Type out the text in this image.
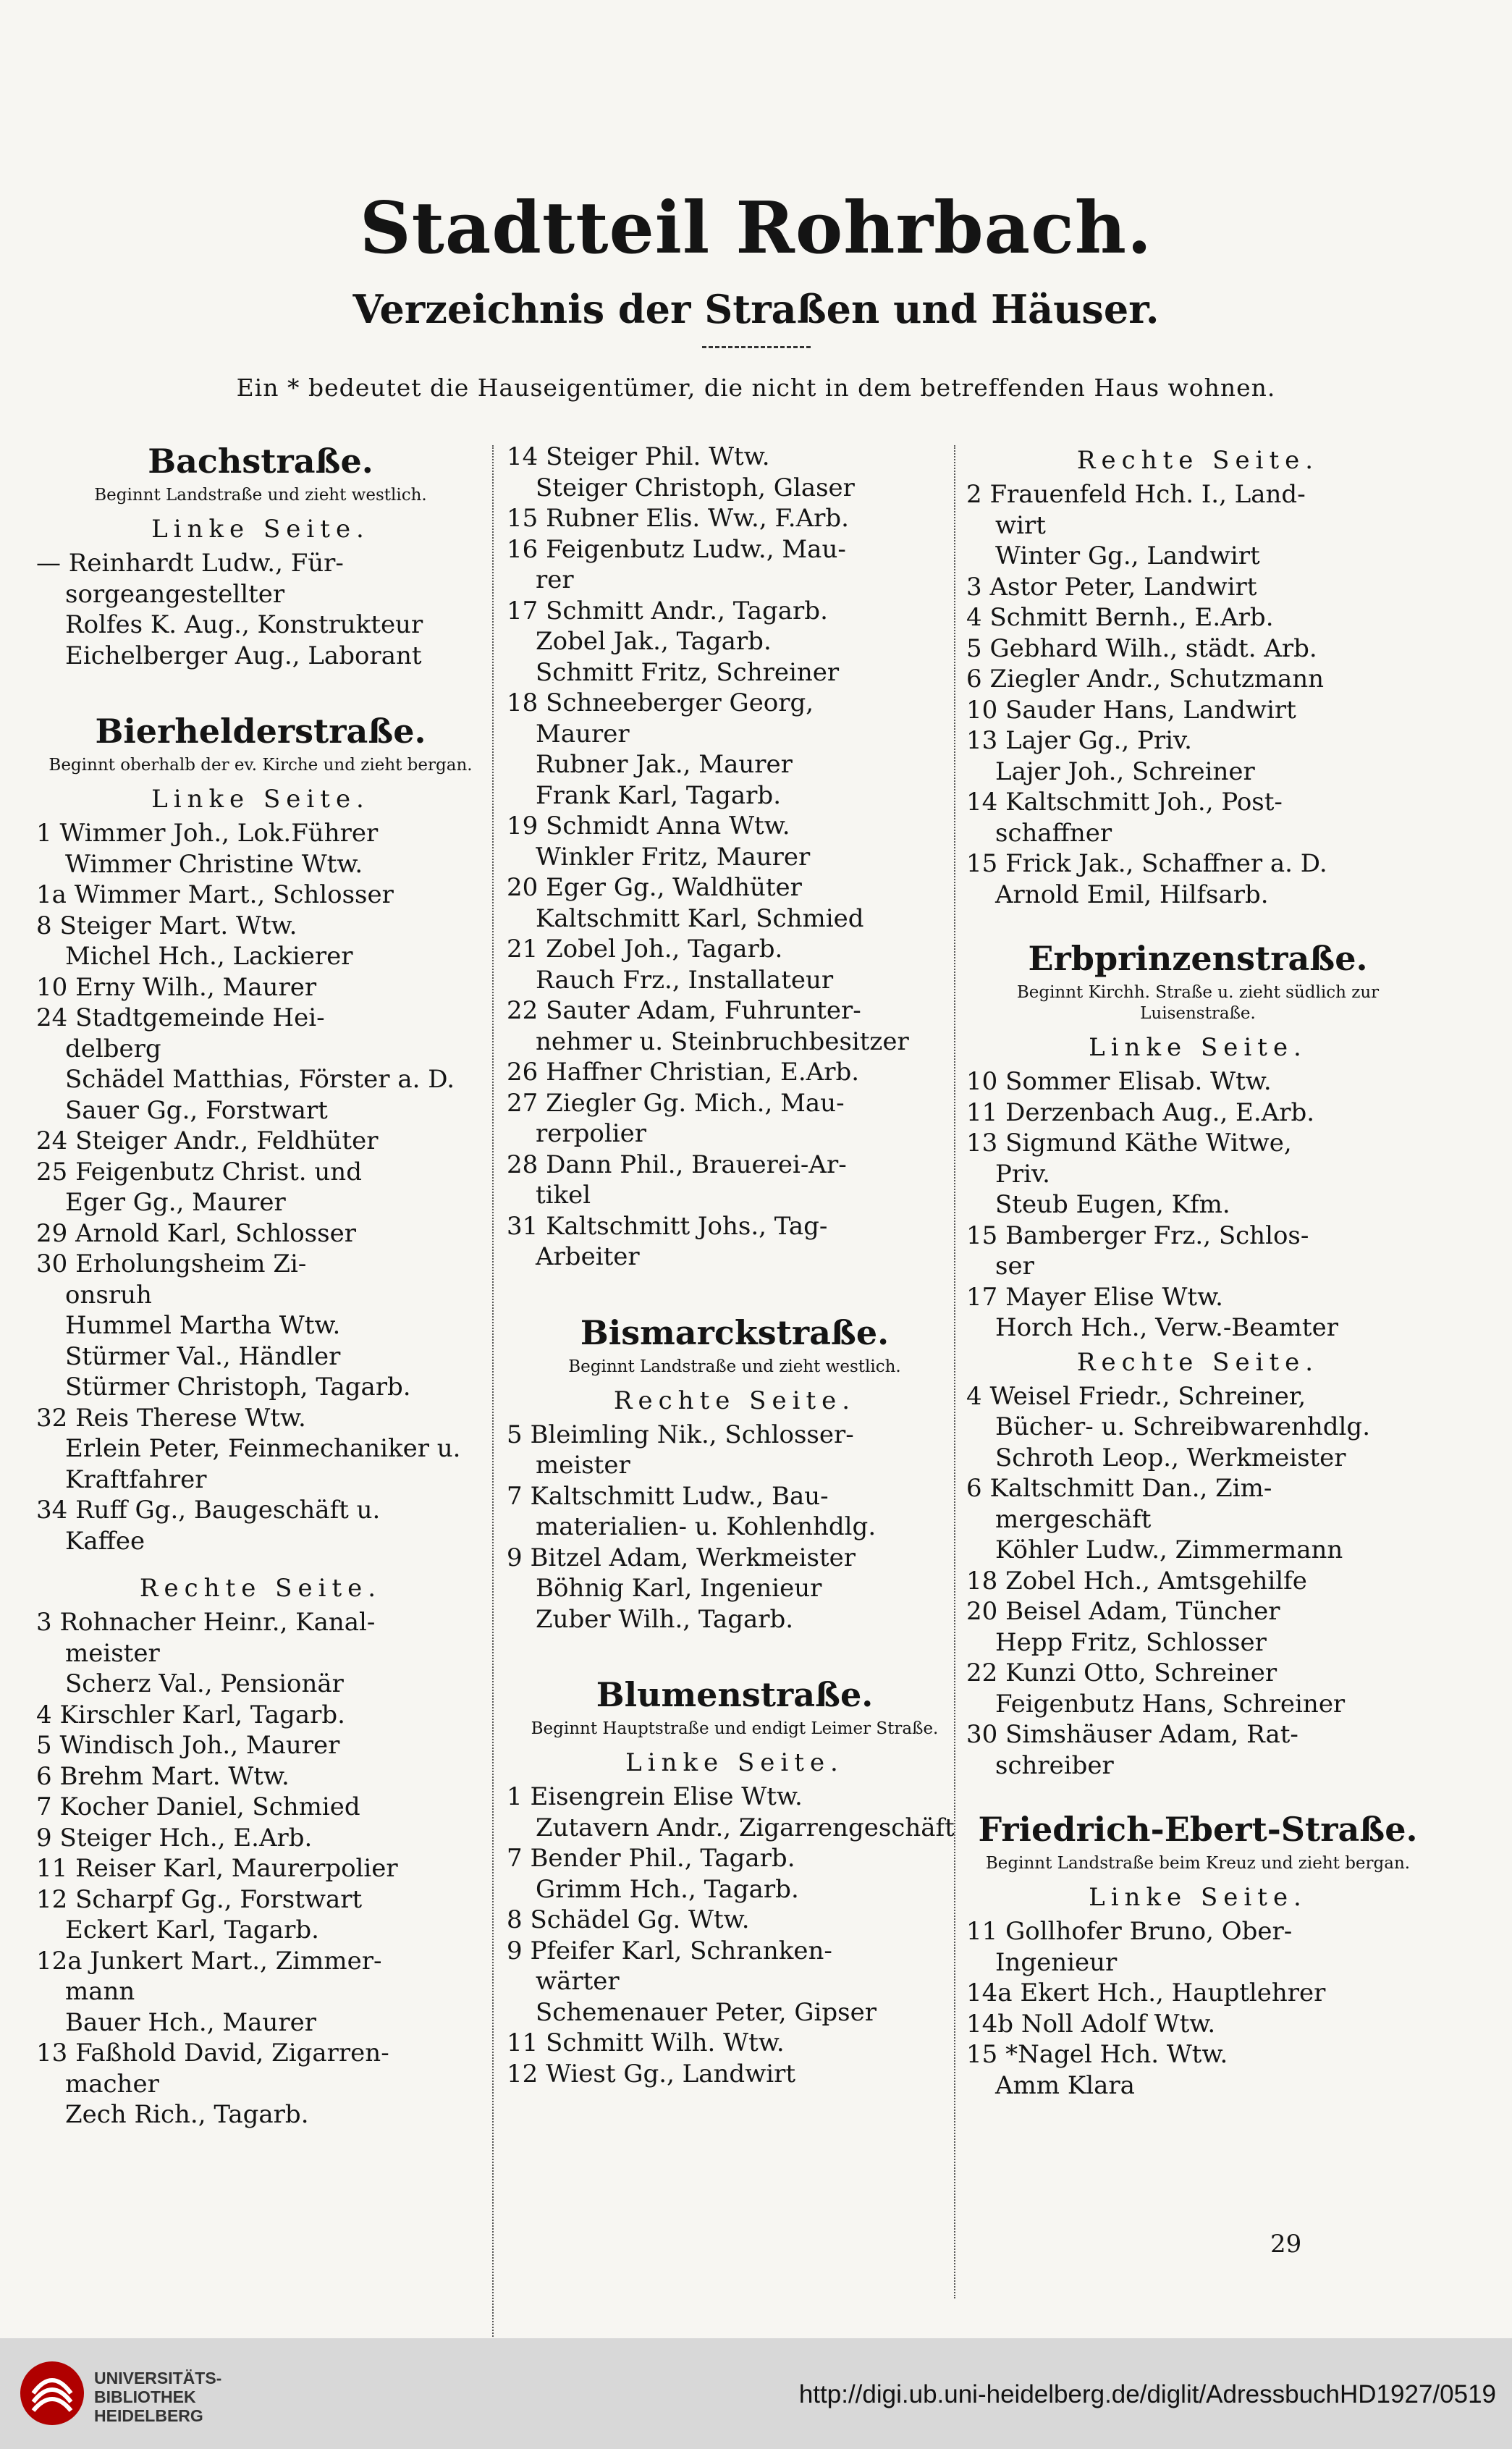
Stadtteil Rohrbach.
Verzeichnis der Straßen und Häuser.

Ein * bedeutet die Hauseigentümer, die nicht in dem betreffenden Haus wohnen.

Bachstraße.
Beginnt Landstraße und zieht westlich.
Linke Seite.
— Reinhardt Ludw., Für-
sorgeangestellter
Rolfes K. Aug., Konstrukteur
Eichelberger Aug., Laborant
Bierhelderstraße.
Beginnt oberhalb der ev. Kirche und zieht bergan.
Linke Seite.
1 Wimmer Joh., Lok.Führer
Wimmer Christine Wtw.
1a Wimmer Mart., Schlosser
8 Steiger Mart. Wtw.
Michel Hch., Lackierer
10 Erny Wilh., Maurer
24 Stadtgemeinde Hei-
delberg
Schädel Matthias, Förster a. D.
Sauer Gg., Forstwart
24 Steiger Andr., Feldhüter
25 Feigenbutz Christ. und
Eger Gg., Maurer
29 Arnold Karl, Schlosser
30 Erholungsheim Zi-
onsruh
Hummel Martha Wtw.
Stürmer Val., Händler
Stürmer Christoph, Tagarb.
32 Reis Therese Wtw.
Erlein Peter, Feinmechaniker u.
Kraftfahrer
34 Ruff Gg., Baugeschäft u.
Kaffee
Rechte Seite.
3 Rohnacher Heinr., Kanal-
meister
Scherz Val., Pensionär
4 Kirschler Karl, Tagarb.
5 Windisch Joh., Maurer
6 Brehm Mart. Wtw.
7 Kocher Daniel, Schmied
9 Steiger Hch., E.Arb.
11 Reiser Karl, Maurerpolier
12 Scharpf Gg., Forstwart
Eckert Karl, Tagarb.
12a Junkert Mart., Zimmer-
mann
Bauer Hch., Maurer
13 Faßhold David, Zigarren-
macher
Zech Rich., Tagarb.
14 Steiger Phil. Wtw.
Steiger Christoph, Glaser
15 Rubner Elis. Ww., F.Arb.
16 Feigenbutz Ludw., Mau-
rer
17 Schmitt Andr., Tagarb.
Zobel Jak., Tagarb.
Schmitt Fritz, Schreiner
18 Schneeberger Georg,
Maurer
Rubner Jak., Maurer
Frank Karl, Tagarb.
19 Schmidt Anna Wtw.
Winkler Fritz, Maurer
20 Eger Gg., Waldhüter
Kaltschmitt Karl, Schmied
21 Zobel Joh., Tagarb.
Rauch Frz., Installateur
22 Sauter Adam, Fuhrunter-
nehmer u. Steinbruchbesitzer
26 Haffner Christian, E.Arb.
27 Ziegler Gg. Mich., Mau-
rerpolier
28 Dann Phil., Brauerei-Ar-
tikel
31 Kaltschmitt Johs., Tag-
Arbeiter
Bismarckstraße.
Beginnt Landstraße und zieht westlich.
Rechte Seite.
5 Bleimling Nik., Schlosser-
meister
7 Kaltschmitt Ludw., Bau-
materialien- u. Kohlenhdlg.
9 Bitzel Adam, Werkmeister
Böhnig Karl, Ingenieur
Zuber Wilh., Tagarb.
Blumenstraße.
Beginnt Hauptstraße und endigt Leimer Straße.
Linke Seite.
1 Eisengrein Elise Wtw.
Zutavern Andr., Zigarrengeschäft
7 Bender Phil., Tagarb.
Grimm Hch., Tagarb.
8 Schädel Gg. Wtw.
9 Pfeifer Karl, Schranken-
wärter
Schemenauer Peter, Gipser
11 Schmitt Wilh. Wtw.
12 Wiest Gg., Landwirt
Rechte Seite.
2 Frauenfeld Hch. I., Land-
wirt
Winter Gg., Landwirt
3 Astor Peter, Landwirt
4 Schmitt Bernh., E.Arb.
5 Gebhard Wilh., städt. Arb.
6 Ziegler Andr., Schutzmann
10 Sauder Hans, Landwirt
13 Lajer Gg., Priv.
Lajer Joh., Schreiner
14 Kaltschmitt Joh., Post-
schaffner
15 Frick Jak., Schaffner a. D.
Arnold Emil, Hilfsarb.
Erbprinzenstraße.
Beginnt Kirchh. Straße u. zieht südlich zur Luisenstraße.
Linke Seite.
10 Sommer Elisab. Wtw.
11 Derzenbach Aug., E.Arb.
13 Sigmund Käthe Witwe,
Priv.
Steub Eugen, Kfm.
15 Bamberger Frz., Schlos-
ser
17 Mayer Elise Wtw.
Horch Hch., Verw.-Beamter
Rechte Seite.
4 Weisel Friedr., Schreiner,
Bücher- u. Schreibwarenhdlg.
Schroth Leop., Werkmeister
6 Kaltschmitt Dan., Zim-
mergeschäft
Köhler Ludw., Zimmermann
18 Zobel Hch., Amtsgehilfe
20 Beisel Adam, Tüncher
Hepp Fritz, Schlosser
22 Kunzi Otto, Schreiner
Feigenbutz Hans, Schreiner
30 Simshäuser Adam, Rat-
schreiber
Friedrich-Ebert-Straße.
Beginnt Landstraße beim Kreuz und zieht bergan.
Linke Seite.
11 Gollhofer Bruno, Ober-
Ingenieur
14a Ekert Hch., Hauptlehrer
14b Noll Adolf Wtw.
15 *Nagel Hch. Wtw.
Amm Klara
29
UNIVERSITÄTS-
BIBLIOTHEK
HEIDELBERG
http://digi.ub.uni-heidelberg.de/diglit/AdressbuchHD1927/0519
